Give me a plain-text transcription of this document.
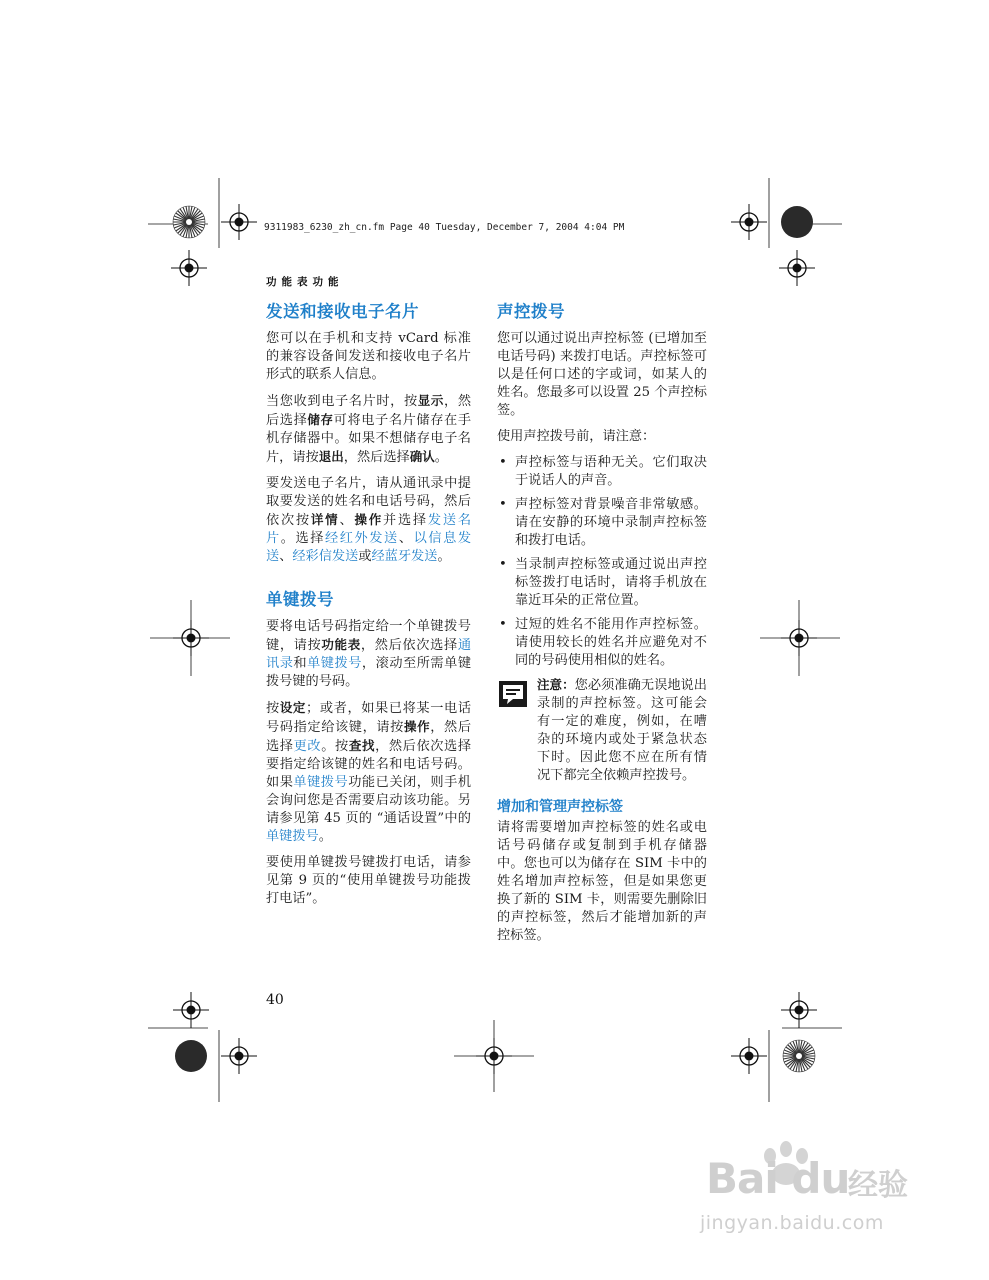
9311983_6230_zh_cn.fm Page 40 Tuesday, December 7, 2004 4:04 PM
功能表功能
发送和接收电子名片

您可以在手机和支持 vCard 标准的兼容设备间发送和接收电子名片形式的联系人信息。

当您收到电子名片时，按显示，然后选择储存可将电子名片储存在手机存储器中。如果不想储存电子名片，请按退出，然后选择确认。

要发送电子名片，请从通讯录中提取要发送的姓名和电话号码，然后依次按详情、操作并选择发送名片。选择经红外发送、以信息发送、经彩信发送或经蓝牙发送。

单键拨号

要将电话号码指定给一个单键拨号键，请按功能表，然后依次选择通讯录和单键拨号，滚动至所需单键拨号键的号码。

按设定；或者，如果已将某一电话号码指定给该键，请按操作，然后选择更改。按查找，然后依次选择要指定给该键的姓名和电话号码。如果单键拨号功能已关闭，则手机会询问您是否需要启动该功能。另请参见第 45 页的 “通话设置”中的单键拨号。

要使用单键拨号键拨打电话，请参见第 9 页的“使用单键拨号功能拨打电话”。

声控拨号

您可以通过说出声控标签 (已增加至电话号码) 来拨打电话。声控标签可以是任何口述的字或词，如某人的姓名。您最多可以设置 25 个声控标签。

使用声控拨号前，请注意：

• 声控标签与语种无关。它们取决于说话人的声音。
• 声控标签对背景噪音非常敏感。请在安静的环境中录制声控标签和拨打电话。
• 当录制声控标签或通过说出声控标签拨打电话时，请将手机放在靠近耳朵的正常位置。
• 过短的姓名不能用作声控标签。请使用较长的姓名并应避免对不同的号码使用相似的姓名。
注意：您必须准确无误地说出录制的声控标签。这可能会有一定的难度，例如，在嘈杂的环境内或处于紧急状态下时。因此您不应在所有情况下都完全依赖声控拨号。
增加和管理声控标签

请将需要增加声控标签的姓名或电话号码储存或复制到手机存储器中。您也可以为储存在 SIM 卡中的姓名增加声控标签，但是如果您更换了新的 SIM 卡，则需要先删除旧的声控标签，然后才能增加新的声控标签。

40
Bai du
经验
jingyan.baidu.com
